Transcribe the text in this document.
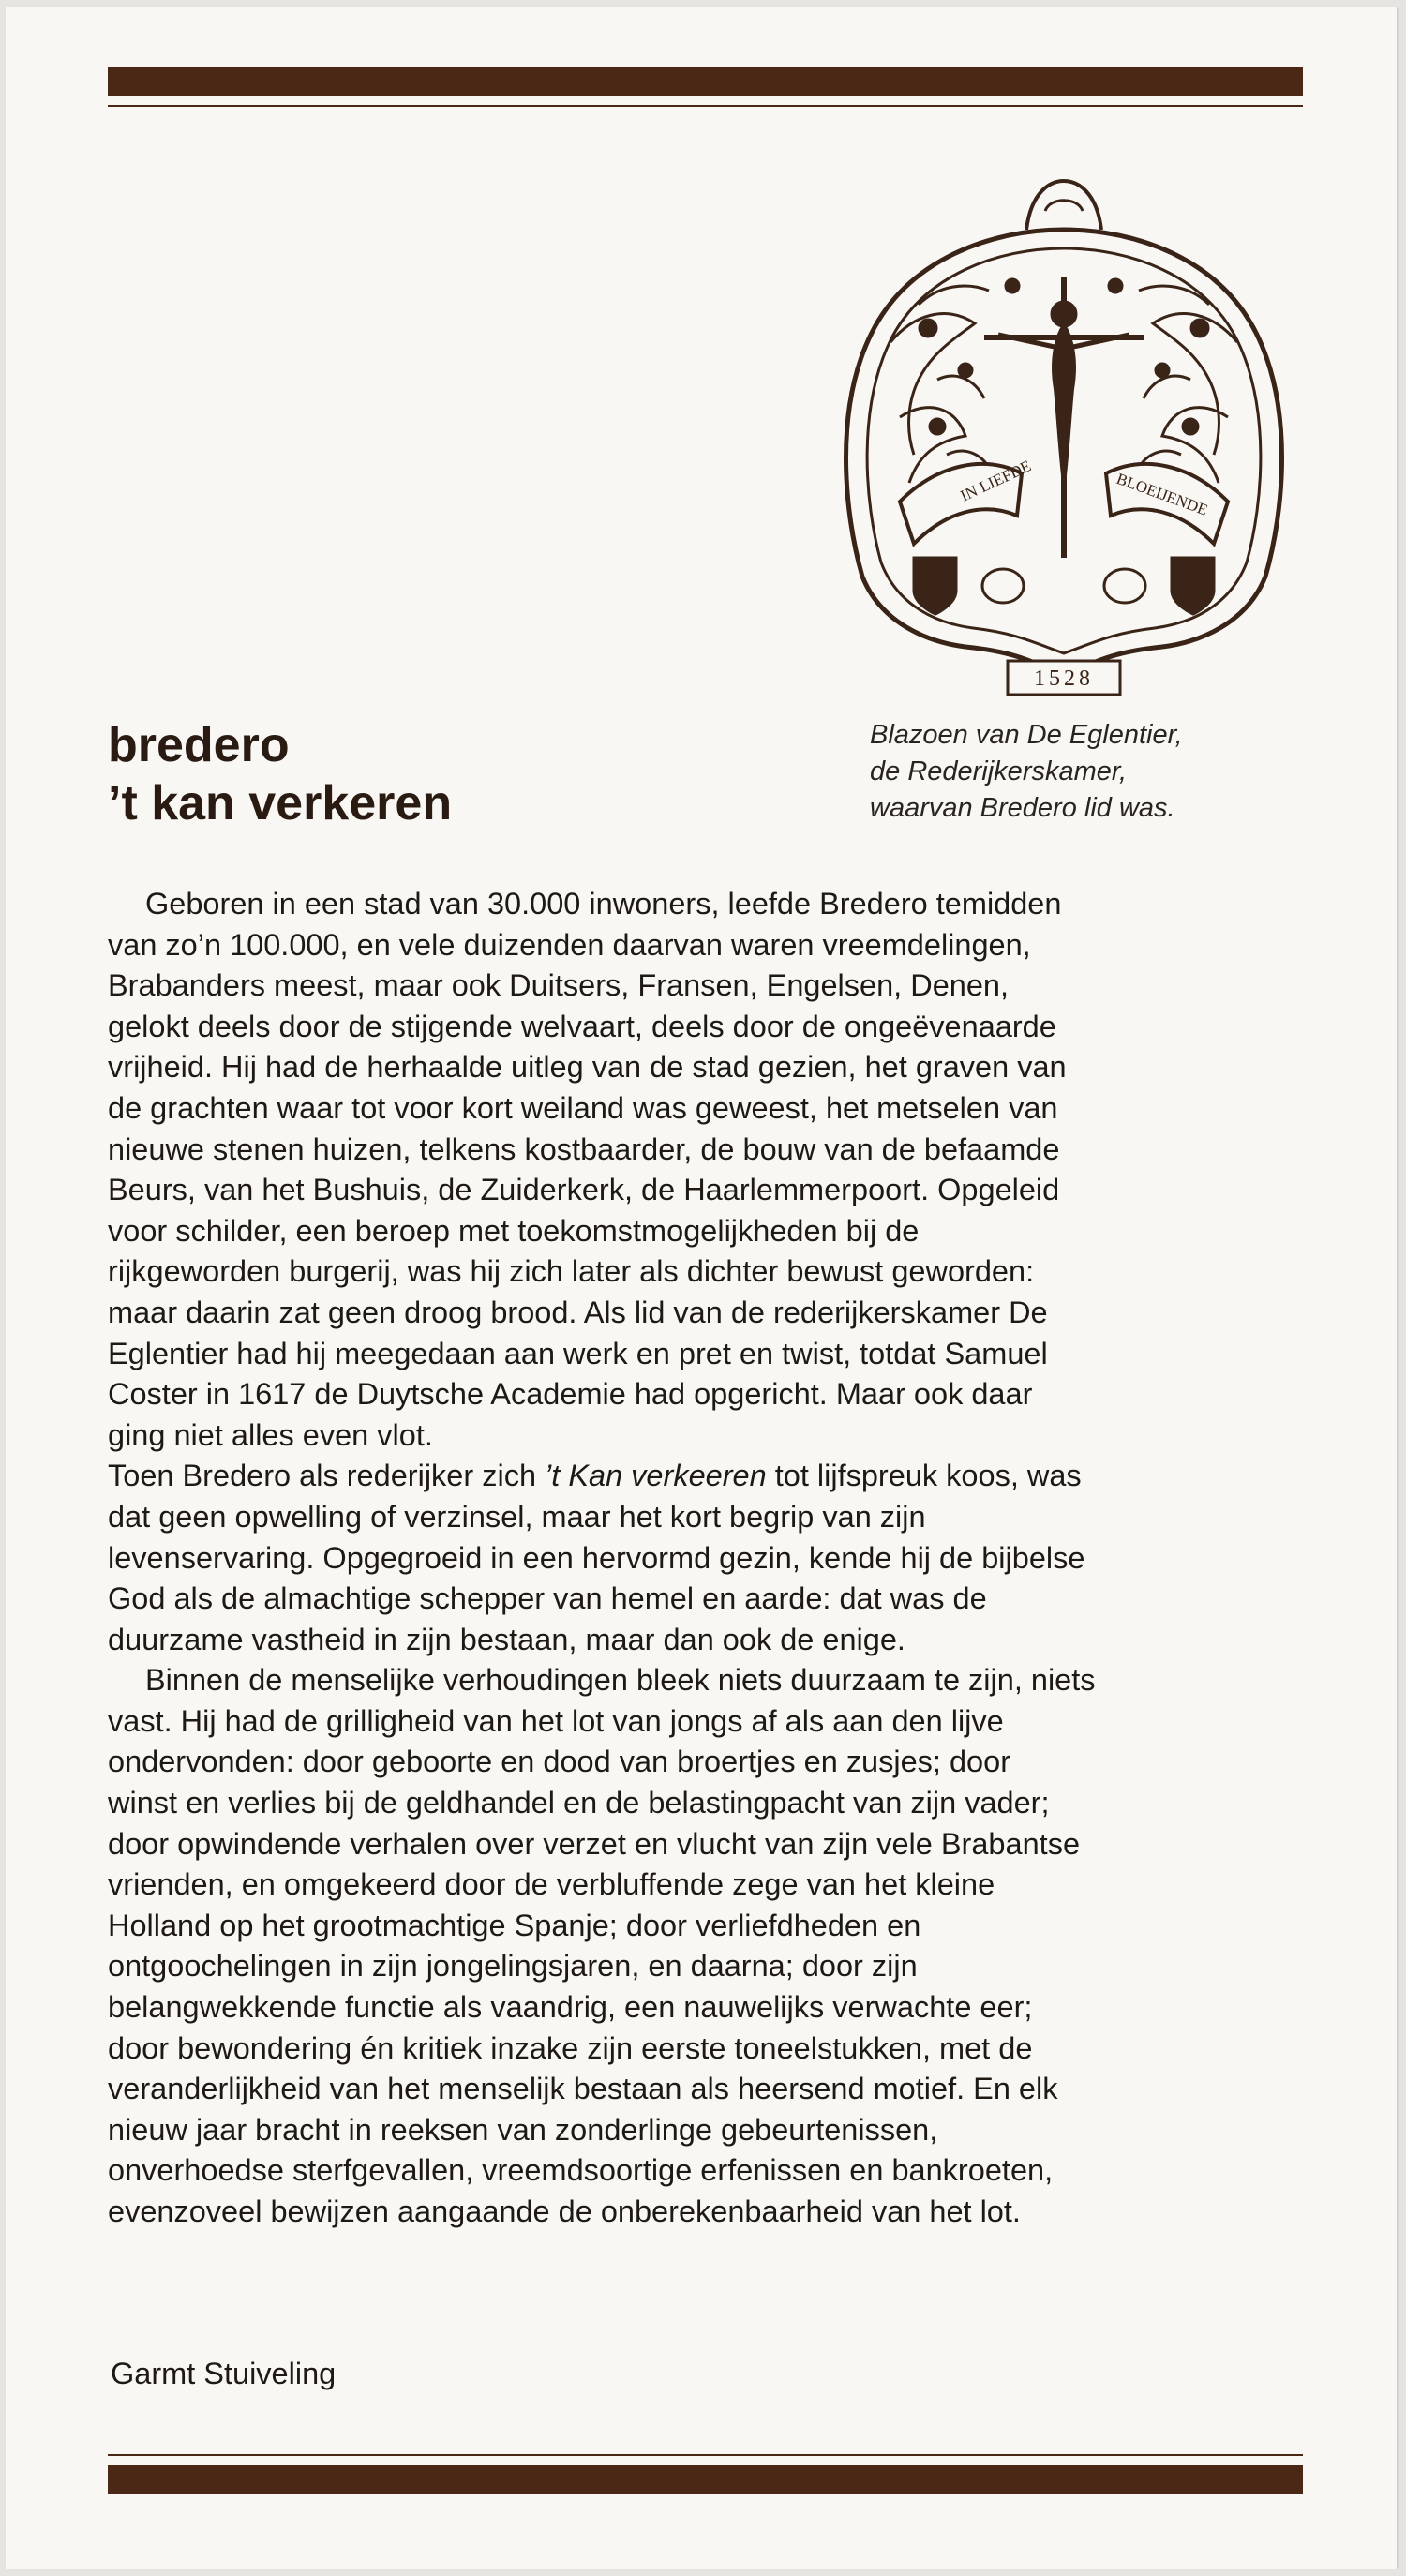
IN LIEFDE	BLOEIJENDE
1528
Blazoen van De Eglentier,
de Rederijkerskamer,
waarvan Bredero lid was.
bredero
’t kan verkeren
Geboren in een stad van 30.000 inwoners, leefde Bredero temidden
van zo’n 100.000, en vele duizenden daarvan waren vreemdelingen,
Brabanders meest, maar ook Duitsers, Fransen, Engelsen, Denen,
gelokt deels door de stijgende welvaart, deels door de ongeëvenaarde
vrijheid. Hij had de herhaalde uitleg van de stad gezien, het graven van
de grachten waar tot voor kort weiland was geweest, het metselen van
nieuwe stenen huizen, telkens kostbaarder, de bouw van de befaamde
Beurs, van het Bushuis, de Zuiderkerk, de Haarlemmerpoort. Opgeleid
voor schilder, een beroep met toekomstmogelijkheden bij de
rijkgeworden burgerij, was hij zich later als dichter bewust geworden:
maar daarin zat geen droog brood. Als lid van de rederijkerskamer De
Eglentier had hij meegedaan aan werk en pret en twist, totdat Samuel
Coster in 1617 de Duytsche Academie had opgericht. Maar ook daar
ging niet alles even vlot.
Toen Bredero als rederijker zich ’t Kan verkeeren tot lijfspreuk koos, was
dat geen opwelling of verzinsel, maar het kort begrip van zijn
levenservaring. Opgegroeid in een hervormd gezin, kende hij de bijbelse
God als de almachtige schepper van hemel en aarde: dat was de
duurzame vastheid in zijn bestaan, maar dan ook de enige.
Binnen de menselijke verhoudingen bleek niets duurzaam te zijn, niets
vast. Hij had de grilligheid van het lot van jongs af als aan den lijve
ondervonden: door geboorte en dood van broertjes en zusjes; door
winst en verlies bij de geldhandel en de belastingpacht van zijn vader;
door opwindende verhalen over verzet en vlucht van zijn vele Brabantse
vrienden, en omgekeerd door de verbluffende zege van het kleine
Holland op het grootmachtige Spanje; door verliefdheden en
ontgoochelingen in zijn jongelingsjaren, en daarna; door zijn
belangwekkende functie als vaandrig, een nauwelijks verwachte eer;
door bewondering én kritiek inzake zijn eerste toneelstukken, met de
veranderlijkheid van het menselijk bestaan als heersend motief. En elk
nieuw jaar bracht in reeksen van zonderlinge gebeurtenissen,
onverhoedse sterfgevallen, vreemdsoortige erfenissen en bankroeten,
evenzoveel bewijzen aangaande de onberekenbaarheid van het lot.
Garmt Stuiveling
